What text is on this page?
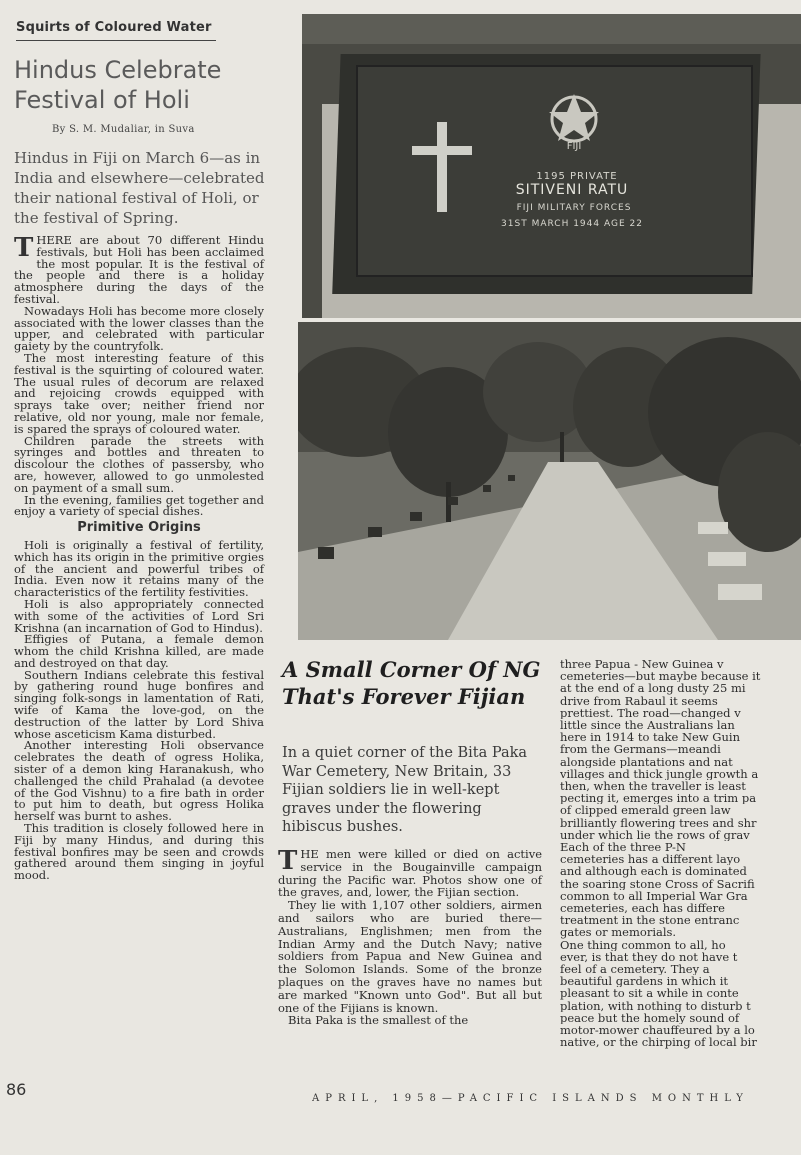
Squirts of Coloured Water
Hindus Celebrate Festival of Holi
By S. M. Mudaliar, in Suva
Hindus in Fiji on March 6—as in India and elsewhere—celebrated their national festival of Holi, or the festival of Spring.

THERE are about 70 different Hindu festivals, but Holi has been acclaimed the most popular. It is the festival of the people and there is a holiday atmosphere during the days of the festival.

Nowadays Holi has become more closely associated with the lower classes than the upper, and celebrated with particular gaiety by the countryfolk.

The most interesting feature of this festival is the squirting of coloured water. The usual rules of decorum are relaxed and rejoicing crowds equipped with sprays take over; neither friend nor relative, old nor young, male nor female, is spared the sprays of coloured water.

Children parade the streets with syringes and bottles and threaten to discolour the clothes of passersby, who are, however, allowed to go unmolested on payment of a small sum.

In the evening, families get together and enjoy a variety of special dishes.

Primitive Origins

Holi is originally a festival of fertility, which has its origin in the primitive orgies of the ancient and powerful tribes of India. Even now it retains many of the characteristics of the fertility festivities.

Holi is also appropriately connected with some of the activities of Lord Sri Krishna (an incarnation of God to Hindus).

Effigies of Putana, a female demon whom the child Krishna killed, are made and destroyed on that day.

Southern Indians celebrate this festival by gathering round huge bonfires and singing folk-songs in lamentation of Rati, wife of Kama the love-god, on the destruction of the latter by Lord Shiva whose asceticism Kama disturbed.

Another interesting Holi observance celebrates the death of ogress Holika, sister of a demon king Haranakush, who challenged the child Prahalad (a devotee of the God Vishnu) to a fire bath in order to put him to death, but ogress Holika herself was burnt to ashes.

This tradition is closely followed here in Fiji by many Hindus, and during this festival bonfires may be seen and crowds gathered around them singing in joyful mood.

FIJI
1195 PRIVATE
SITIVENI RATU
FIJI MILITARY FORCES
31ST MARCH 1944 AGE 22
A Small Corner Of NG That's Forever Fijian
In a quiet corner of the Bita Paka War Cemetery, New Britain, 33 Fijian soldiers lie in well-kept graves under the flowering hibiscus bushes.

THE men were killed or died on active service in the Bougainville campaign during the Pacific war. Photos show one of the graves, and, lower, the Fijian section.

They lie with 1,107 other soldiers, airmen and sailors who are buried there—Australians, Englishmen; men from the Indian Army and the Dutch Navy; native soldiers from Papua and New Guinea and the Solomon Islands. Some of the bronze plaques on the graves have no names but are marked "Known unto God". But all but one of the Fijians is known.

Bita Paka is the smallest of the

three Papua - New Guinea v
cemeteries—but maybe because it
at the end of a long dusty 25 mi
drive from Rabaul it seems
prettiest. The road—changed v
little since the Australians lan
here in 1914 to take New Guin
from the Germans—meandi
alongside plantations and nat
villages and thick jungle growth a
then, when the traveller is least
pecting it, emerges into a trim pa
of clipped emerald green law
brilliantly flowering trees and shr
under which lie the rows of grav
Each of the three P-N
cemeteries has a different layo
and although each is dominated
the soaring stone Cross of Sacrifi
common to all Imperial War Gra
cemeteries, each has differe
treatment in the stone entranc
gates or memorials.
One thing common to all, ho
ever, is that they do not have t
feel of a cemetery. They a
beautiful gardens in which it
pleasant to sit a while in conte
plation, with nothing to disturb t
peace but the homely sound of
motor-mower chauffeured by a lo
native, or the chirping of local bir
86	APRIL, 1958—PACIFIC ISLANDS MONTHLY
